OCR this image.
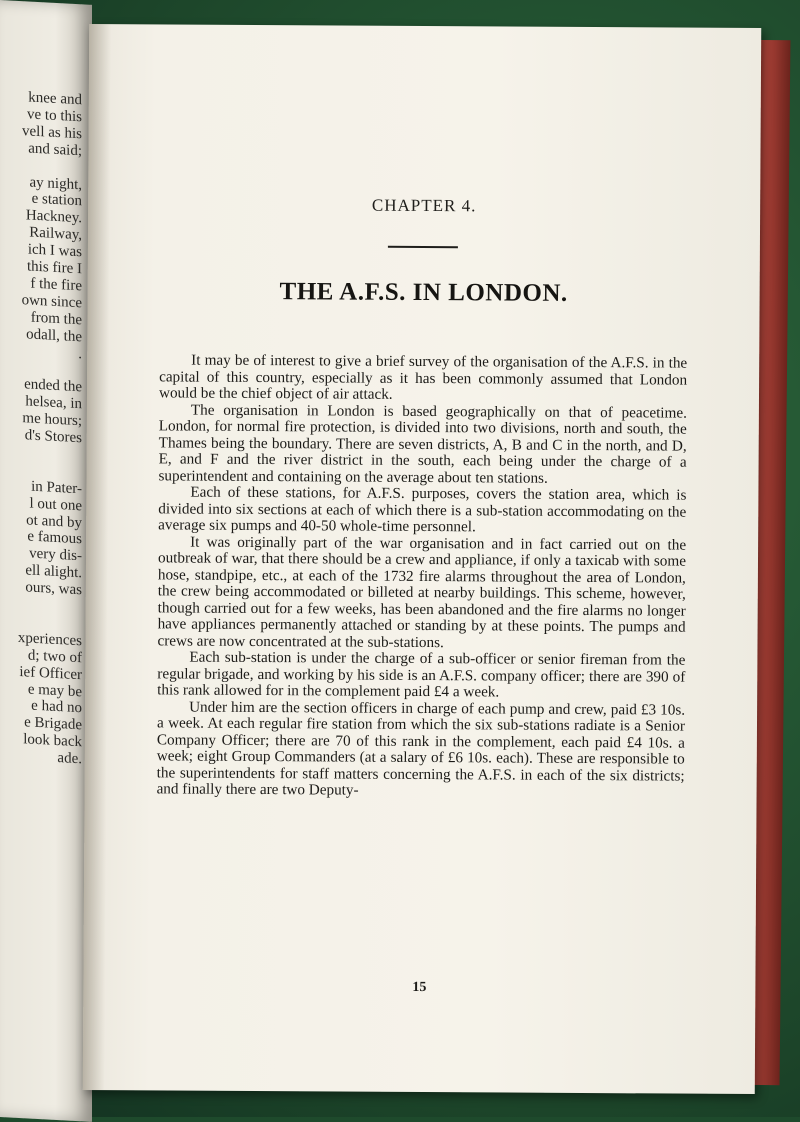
knee and
ve to this
vell as his
and said;
ay night,
e station
Hackney.
Railway,
ich I was
this fire I
f the fire
own since
from the
odall, the
.
ended the
helsea, in
me hours;
d's Stores
in Pater-
l out one
ot and by
e famous
very dis-
ell alight.
ours, was
xperiences
d; two of
ief Officer
e may be
e had no
e Brigade
look back
ade.
CHAPTER 4.
THE A.F.S. IN LONDON.

It may be of interest to give a brief survey of the organisation of the A.F.S. in the capital of this country, especially as it has been commonly assumed that London would be the chief object of air attack.

The organisation in London is based geographically on that of peacetime. London, for normal fire protection, is divided into two divisions, north and south, the Thames being the boundary. There are seven districts, A, B and C in the north, and D, E, and F and the river district in the south, each being under the charge of a superintendent and containing on the average about ten stations.

Each of these stations, for A.F.S. purposes, covers the station area, which is divided into six sections at each of which there is a sub-station accommodating on the average six pumps and 40-50 whole-time personnel.

It was originally part of the war organisation and in fact carried out on the outbreak of war, that there should be a crew and appliance, if only a taxicab with some hose, standpipe, etc., at each of the 1732 fire alarms throughout the area of London, the crew being accommodated or billeted at nearby buildings. This scheme, however, though carried out for a few weeks, has been abandoned and the fire alarms no longer have appliances permanently attached or standing by at these points. The pumps and crews are now concentrated at the sub-stations.

Each sub-station is under the charge of a sub-officer or senior fireman from the regular brigade, and working by his side is an A.F.S. company officer; there are 390 of this rank allowed for in the complement paid £4 a week.

Under him are the section officers in charge of each pump and crew, paid £3 10s. a week. At each regular fire station from which the six sub-stations radiate is a Senior Company Officer; there are 70 of this rank in the complement, each paid £4 10s. a week; eight Group Commanders (at a salary of £6 10s. each). These are responsible to the superintendents for staff matters concerning the A.F.S. in each of the six districts; and finally there are two Deputy-

15
